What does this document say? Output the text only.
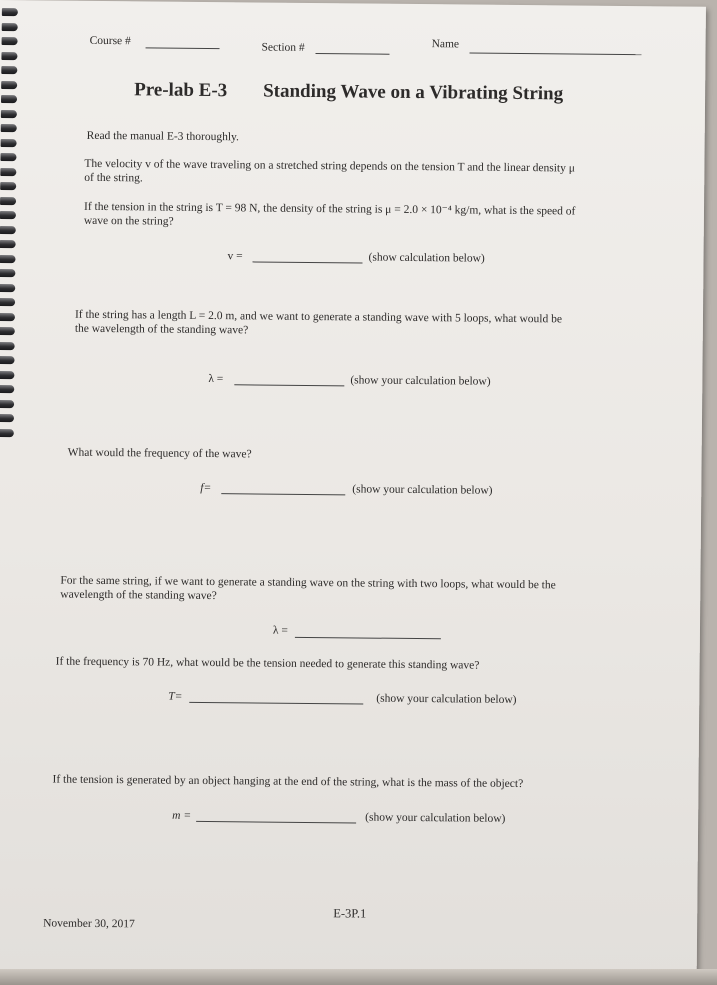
Course #
Section #	Name
Pre-lab E-3 Standing Wave on a Vibrating String
Read the manual E-3 thoroughly.
The velocity v of the wave traveling on a stretched string depends on the tension T and the linear density μ
of the string.
If the tension in the string is T = 98 N, the density of the string is μ = 2.0 × 10⁻⁴ kg/m, what is the speed of
wave on the string?
v =	(show calculation below)
If the string has a length L = 2.0 m, and we want to generate a standing wave with 5 loops, what would be
the wavelength of the standing wave?
λ =	(show your calculation below)
What would the frequency of the wave?
f=	(show your calculation below)
For the same string, if we want to generate a standing wave on the string with two loops, what would be the
wavelength of the standing wave?
λ =
If the frequency is 70 Hz, what would be the tension needed to generate this standing wave?
T=	(show your calculation below)
If the tension is generated by an object hanging at the end of the string, what is the mass of the object?
m =	(show your calculation below)
E-3P.1
November 30, 2017
